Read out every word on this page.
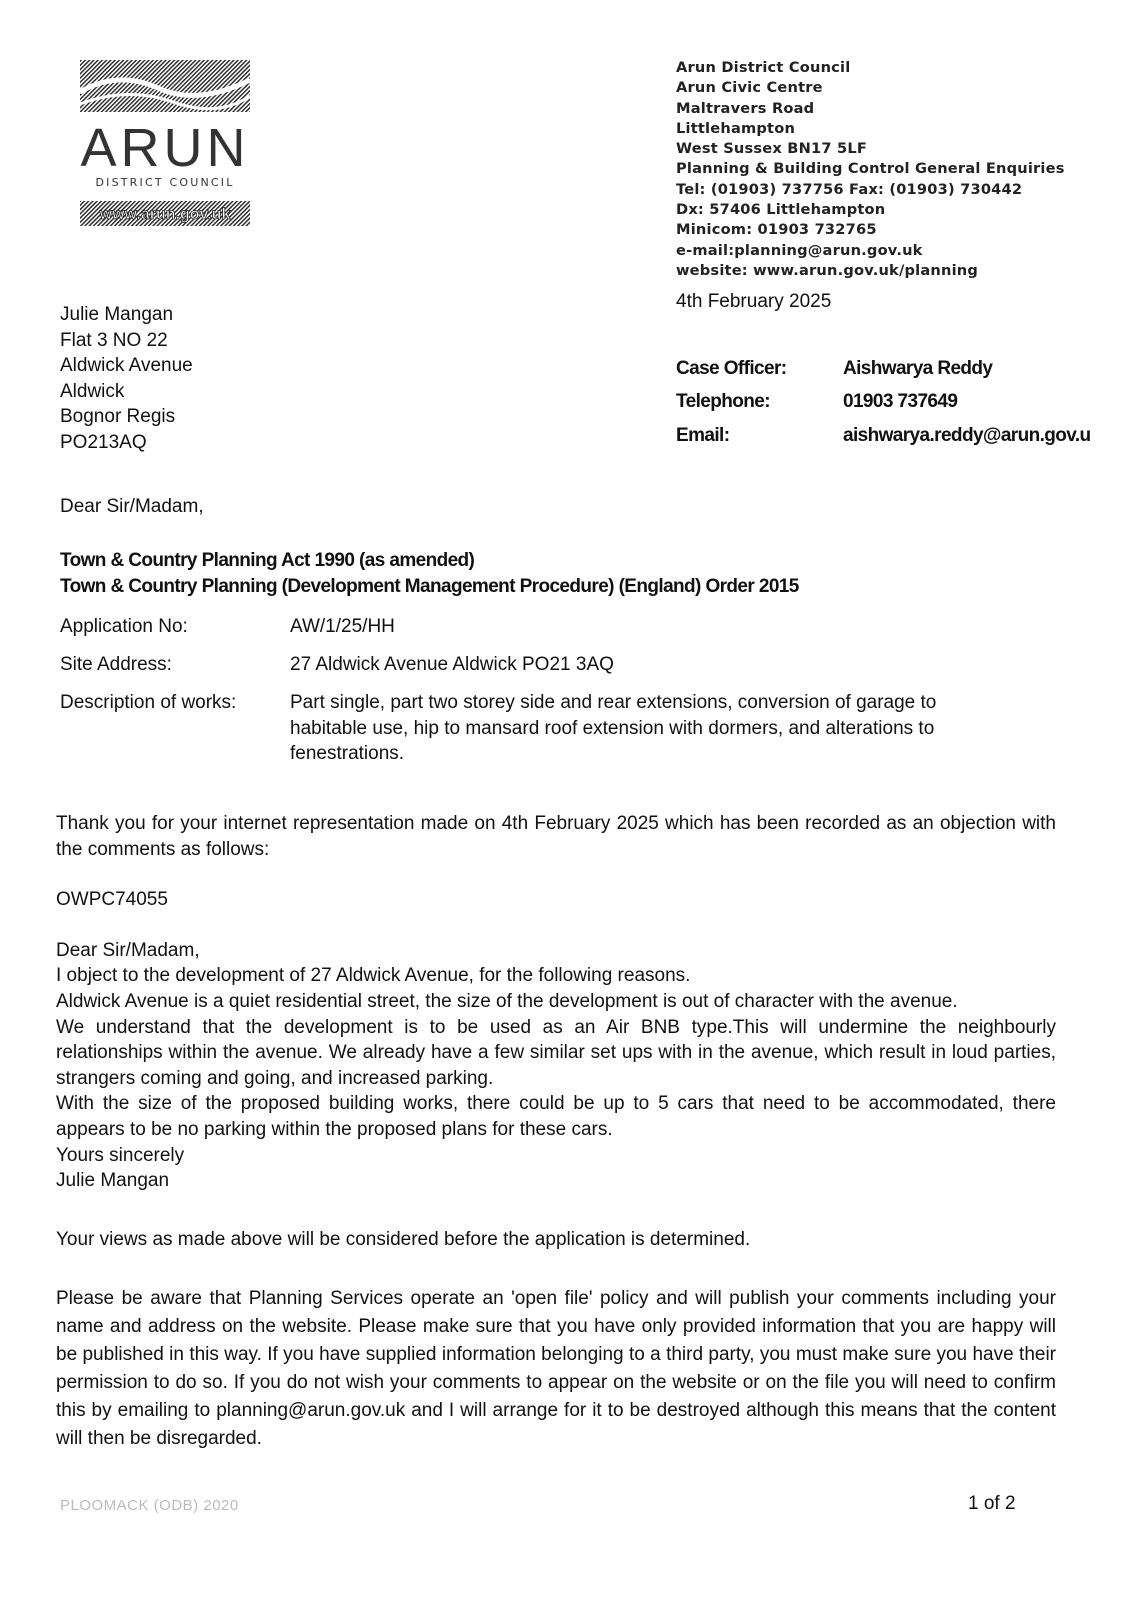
ARUN
DISTRICT COUNCIL
www.arun.gov.uk
Arun District Council
Arun Civic Centre
Maltravers Road
Littlehampton
West Sussex BN17 5LF
Planning & Building Control General Enquiries
Tel: (01903) 737756 Fax: (01903) 730442
Dx: 57406 Littlehampton
Minicom: 01903 732765
e-mail:planning@arun.gov.uk
website: www.arun.gov.uk/planning
4th February 2025
Julie Mangan
Flat 3 NO 22
Aldwick Avenue
Aldwick
Bognor Regis
PO213AQ
Case Officer:	Aishwarya Reddy
Telephone:	01903 737649
Email:	aishwarya.reddy@arun.gov.u
Dear Sir/Madam,
Town & Country Planning Act 1990 (as amended)
Town & Country Planning (Development Management Procedure) (England) Order 2015
Application No:	AW/1/25/HH
Site Address:	27 Aldwick Avenue Aldwick PO21 3AQ
Description of works:	Part single, part two storey side and rear extensions, conversion of garage to habitable use, hip to mansard roof extension with dormers, and alterations to fenestrations.

Thank you for your internet representation made on 4th February 2025 which has been recorded as an objection with the comments as follows:

OWPC74055

Dear Sir/Madam,

I object to the development of 27 Aldwick Avenue, for the following reasons.

Aldwick Avenue is a quiet residential street, the size of the development is out of character with the avenue.

We understand that the development is to be used as an Air BNB type.This will undermine the neighbourly relationships within the avenue. We already have a few similar set ups with in the avenue, which result in loud parties, strangers coming and going, and increased parking.

With the size of the proposed building works, there could be up to 5 cars that need to be accommodated, there appears to be no parking within the proposed plans for these cars.

Yours sincerely

Julie Mangan

Your views as made above will be considered before the application is determined.

Please be aware that Planning Services operate an 'open file' policy and will publish your comments including your name and address on the website. Please make sure that you have only provided information that you are happy will be published in this way. If you have supplied information belonging to a third party, you must make sure you have their permission to do so. If you do not wish your comments to appear on the website or on the file you will need to confirm this by emailing to planning@arun.gov.uk and I will arrange for it to be destroyed although this means that the content will then be disregarded.

PLOOMACK (ODB) 2020	1 of 2
